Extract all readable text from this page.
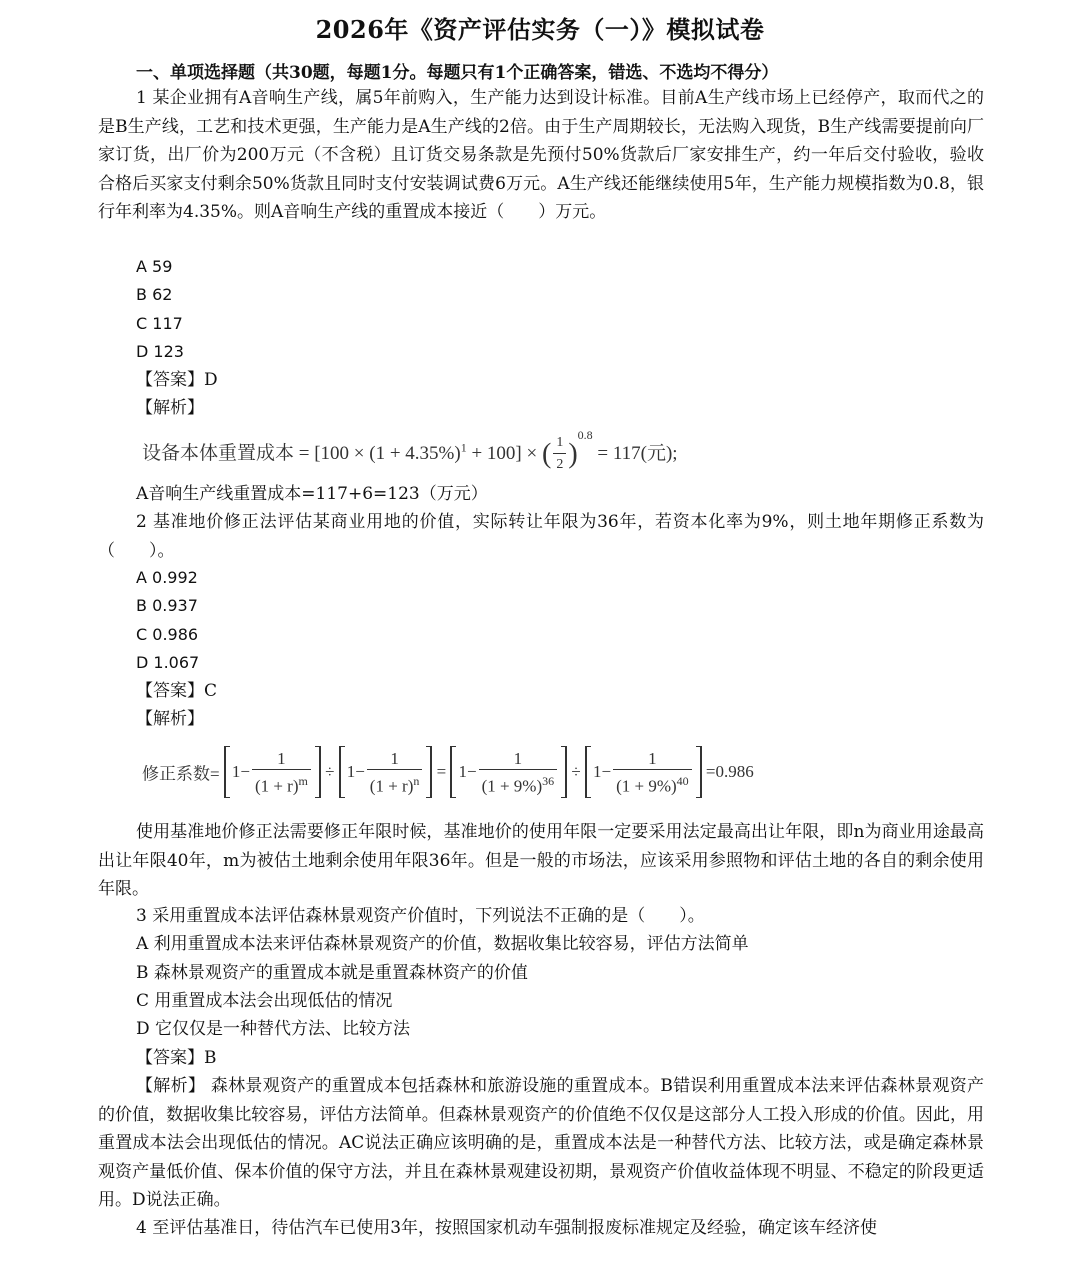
2026年《资产评估实务（一）》模拟试卷
一、单项选择题（共30题，每题1分。每题只有1个正确答案，错选、不选均不得分）
1 某企业拥有A音响生产线，属5年前购入，生产能力达到设计标准。目前A生产线市场上已经停产，取而代之的是B生产线，工艺和技术更强，生产能力是A生产线的2倍。由于生产周期较长，无法购入现货，B生产线需要提前向厂家订货，出厂价为200万元（不含税）且订货交易条款是先预付50%货款后厂家安排生产，约一年后交付验收，验收合格后买家支付剩余50%货款且同时支付安装调试费6万元。A生产线还能继续使用5年，生产能力规模指数为0.8，银行年利率为4.35%。则A音响生产线的重置成本接近（　　）万元。
A 59
B 62
C 117
D 123
【答案】D
【解析】
设备本体重置成本 = $[100 \times (1 + 4.35\%)^1 + 100]$ × ( $\frac{1}{2} )^{0.8} = 117$(元);
A音响生产线重置成本=117+6=123（万元）
2 基准地价修正法评估某商业用地的价值，实际转让年限为36年，若资本化率为9%，则土地年期修正系数为（　　）。
A 0.992
B 0.937
C 0.986
D 1.067
【答案】C
【解析】
修正系数= $1- \frac{1}{(1 + r)^m} \div 1- \frac{1}{(1 + r)^n} = 1- \frac{1}{(1 + 9\%)^{36}} \div 1- \frac{1}{(1 + 9\%)^{40}} =0.986$
使用基准地价修正法需要修正年限时候，基准地价的使用年限一定要采用法定最高出让年限，即n为商业用途最高出让年限40年，m为被估土地剩余使用年限36年。但是一般的市场法，应该采用参照物和评估土地的各自的剩余使用年限。
3 采用重置成本法评估森林景观资产价值时，下列说法不正确的是（　　）。
A 利用重置成本法来评估森林景观资产的价值，数据收集比较容易，评估方法简单
B 森林景观资产的重置成本就是重置森林资产的价值
C 用重置成本法会出现低估的情况
D 它仅仅是一种替代方法、比较方法
【答案】B
【解析】 森林景观资产的重置成本包括森林和旅游设施的重置成本。B错误利用重置成本法来评估森林景观资产的价值，数据收集比较容易，评估方法简单。但森林景观资产的价值绝不仅仅是这部分人工投入形成的价值。因此，用重置成本法会出现低估的情况。AC说法正确应该明确的是，重置成本法是一种替代方法、比较方法，或是确定森林景观资产量低价值、保本价值的保守方法，并且在森林景观建设初期，景观资产价值收益体现不明显、不稳定的阶段更适用。D说法正确。
4 至评估基准日，待估汽车已使用3年，按照国家机动车强制报废标准规定及经验，确定该车经济使
